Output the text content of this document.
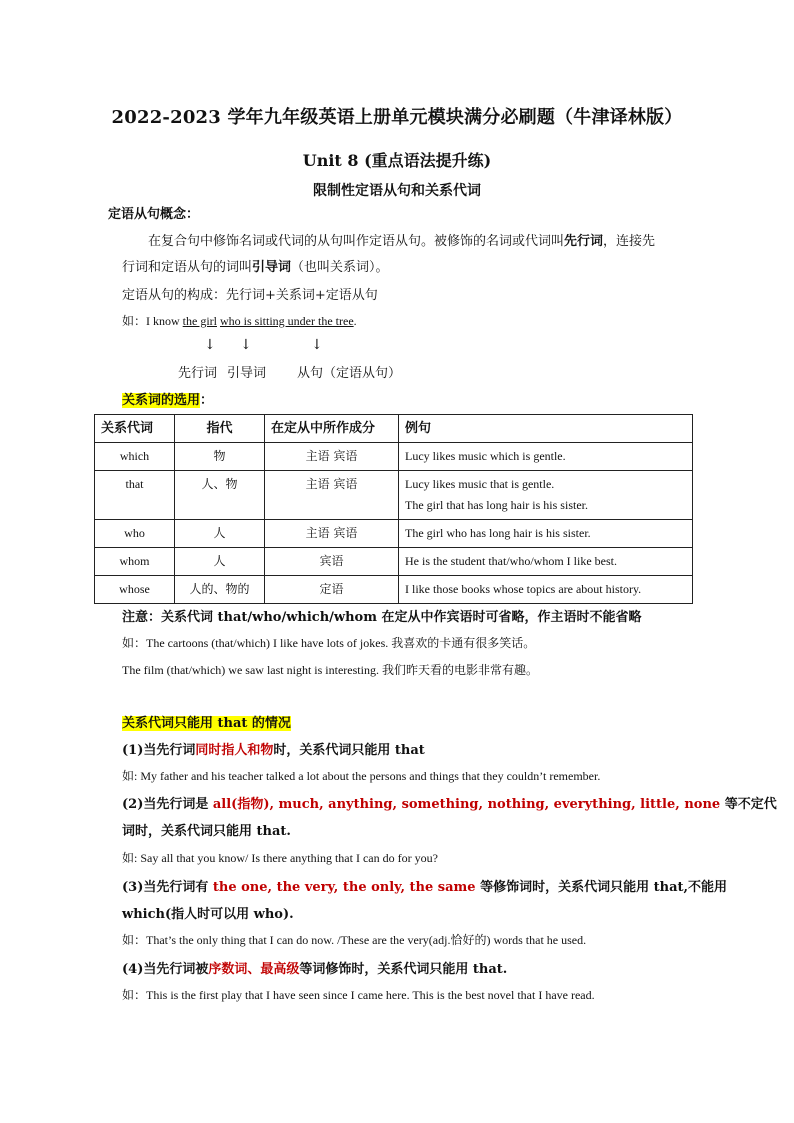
2022-2023 学年九年级英语上册单元模块满分必刷题（牛津译林版）
Unit 8 (重点语法提升练)
限制性定语从句和关系代词
定语从句概念：
在复合句中修饰名词或代词的从句叫作定语从句。被修饰的名词或代词叫先行词，连接先
行词和定语从句的词叫引导词（也叫关系词）。
定语从句的构成：先行词+关系词+定语从句
如：I know the girl who is sitting under the tree.
↓ ↓	↓
先行词 引导词 从句（定语从句）
关系词的选用：
关系代词	指代	在定从中所作成分	例句
which	物	主语 宾语	Lucy likes music which is gentle.
that	人、物	主语 宾语	Lucy likes music that is gentle.
The girl that has long hair is his sister.

who	人	主语 宾语	The girl who has long hair is his sister.
whom	人	宾语	He is the student that/who/whom I like best.
whose	人的、物的	定语	I like those books whose topics are about history.
注意：关系代词 that/who/which/whom 在定从中作宾语时可省略，作主语时不能省略
如：The cartoons (that/which) I like have lots of jokes. 我喜欢的卡通有很多笑话。
The film (that/which) we saw last night is interesting. 我们昨天看的电影非常有趣。
关系代词只能用 that 的情况
(1)当先行词同时指人和物时，关系代词只能用 that
如: My father and his teacher talked a lot about the persons and things that they couldn’t remember.
(2)当先行词是 all(指物), much, anything, something, nothing, everything, little, none 等不定代
词时，关系代词只能用 that.
如: Say all that you know/ Is there anything that I can do for you?
(3)当先行词有 the one, the very, the only, the same 等修饰词时，关系代词只能用 that,不能用
which(指人时可以用 who).
如：That’s the only thing that I can do now. /These are the very(adj.恰好的) words that he used.
(4)当先行词被序数词、最高级等词修饰时，关系代词只能用 that.
如：This is the first play that I have seen since I came here. This is the best novel that I have read.
